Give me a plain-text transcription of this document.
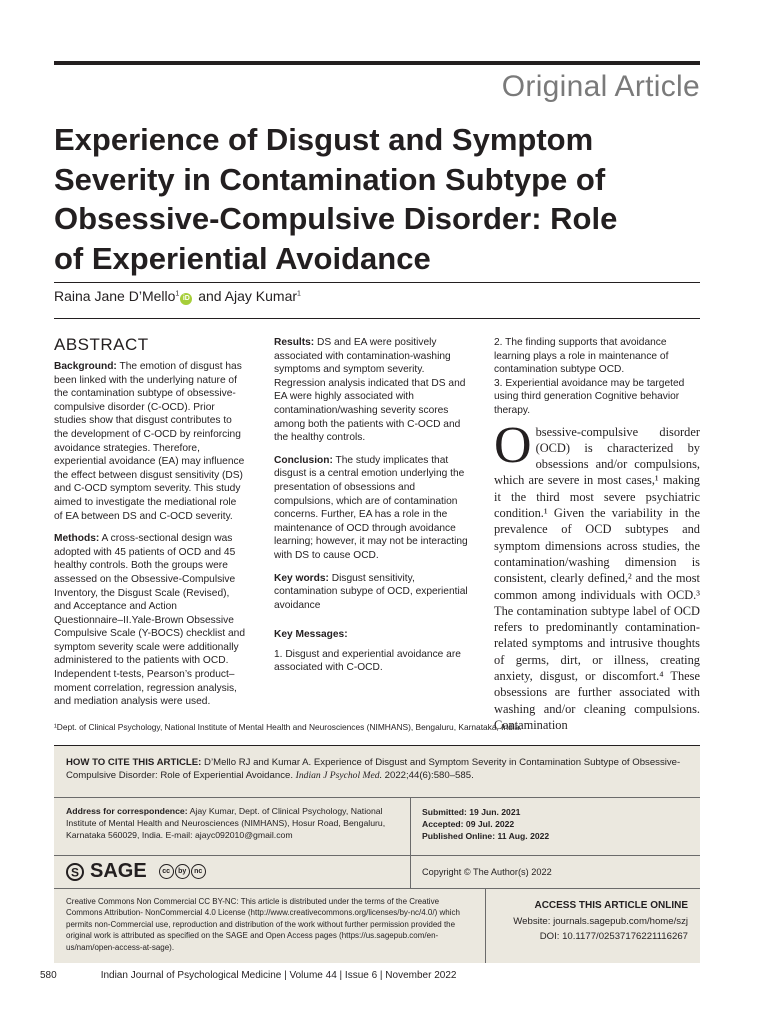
Original Article
Experience of Disgust and Symptom
Severity in Contamination Subtype of
Obsessive-Compulsive Disorder: Role
of Experiential Avoidance
Raina Jane D’Mello$^1$iD and Ajay Kumar$^1$
ABSTRACT

Background: The emotion of disgust has been linked with the underlying nature of the contamination subtype of obsessive-compulsive disorder (C-OCD). Prior studies show that disgust contributes to the development of C-OCD by reinforcing avoidance strategies. Therefore, experiential avoidance (EA) may influence the effect between disgust sensitivity (DS) and C-OCD symptom severity. This study aimed to investigate the mediational role of EA between DS and C-OCD severity.

Methods: A cross-sectional design was adopted with 45 patients of OCD and 45 healthy controls. Both the groups were assessed on the Obsessive-Compulsive Inventory, the Disgust Scale (Revised), and Acceptance and Action Questionnaire–II.Yale-Brown Obsessive Compulsive Scale (Y-BOCS) checklist and symptom severity scale were additionally administered to the patients with OCD. Independent t-tests, Pearson’s product–moment correlation, regression analysis, and mediation analysis were used.

Results: DS and EA were positively associated with contamination-washing symptoms and symptom severity. Regression analysis indicated that DS and EA were highly associated with contamination/washing severity scores among both the patients with C-OCD and the healthy controls.

Conclusion: The study implicates that disgust is a central emotion underlying the presentation of obsessions and compulsions, which are of contamination concerns. Further, EA has a role in the maintenance of OCD through avoidance learning; however, it may not be interacting with DS to cause OCD.

Key words: Disgust sensitivity, contamination subype of OCD, experiential avoidance

Key Messages:

1. Disgust and experiential avoidance are associated with C-OCD.

2. The finding supports that avoidance learning plays a role in maintenance of contamination subtype OCD.
3. Experiential avoidance may be targeted using third generation Cognitive behavior therapy.
Obsessive-compulsive disorder (OCD) is characterized by obsessions and/or compulsions, which are severe in most cases,¹ making it the third most severe psychiatric condition.¹ Given the variability in the prevalence of OCD subtypes and symptom dimensions across studies, the contamination/washing dimension is consistent, clearly defined,² and the most common among individuals with OCD.³ The contamination subtype label of OCD refers to predominantly contamination-related symptoms and intrusive thoughts of germs, dirt, or illness, creating anxiety, disgust, or discomfort.⁴ These obsessions are further associated with washing and/or cleaning compulsions. Contamination
¹Dept. of Clinical Psychology, National Institute of Mental Health and Neurosciences (NIMHANS), Bengaluru, Karnataka, India.
HOW TO CITE THIS ARTICLE: D’Mello RJ and Kumar A. Experience of Disgust and Symptom Severity in Contamination Subtype of Obsessive-Compulsive Disorder: Role of Experiential Avoidance. Indian J Psychol Med. 2022;44(6):580–585.
Address for correspondence: Ajay Kumar, Dept. of Clinical Psychology, National Institute of Mental Health and Neurosciences (NIMHANS), Hosur Road, Bengaluru, Karnataka 560029, India. E-mail: ajayc092010@gmail.com
Submitted: 19 Jun. 2021
Accepted: 09 Jul. 2022
Published Online: 11 Aug. 2022
S SAGE	cc	by	nc	Copyright © The Author(s) 2022
Creative Commons Non Commercial CC BY-NC: This article is distributed under the terms of the Creative Commons Attribution- NonCommercial 4.0 License (http://www.creativecommons.org/licenses/by-nc/4.0/) which permits non-Commercial use, reproduction and distribution of the work without further permission provided the original work is attributed as specified on the SAGE and Open Access pages (https://us.sagepub.com/en-us/nam/open-access-at-sage).
ACCESS THIS ARTICLE ONLINE
Website: journals.sagepub.com/home/szj
DOI: 10.1177/02537176221116267
580	Indian Journal of Psychological Medicine | Volume 44 | Issue 6 | November 2022
